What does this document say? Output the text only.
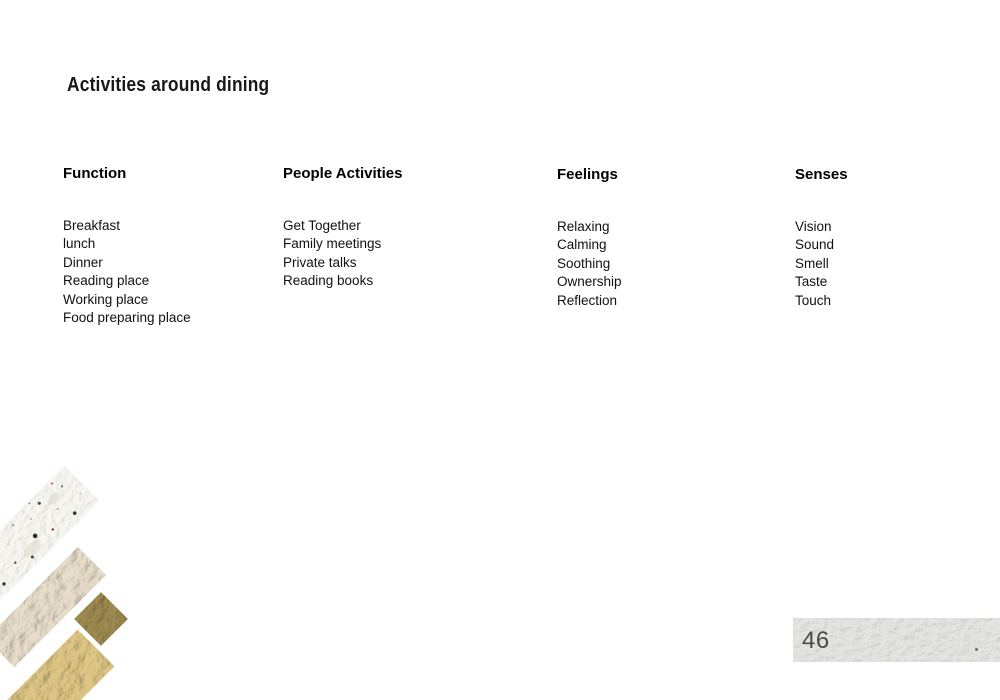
Activities around dining
Function
Breakfast
lunch
Dinner
Reading place
Working place
Food preparing place
People Activities
Get Together
Family meetings
Private talks
Reading books
Feelings
Relaxing
Calming
Soothing
Ownership
Reflection
Senses
Vision
Sound
Smell
Taste
Touch
46
